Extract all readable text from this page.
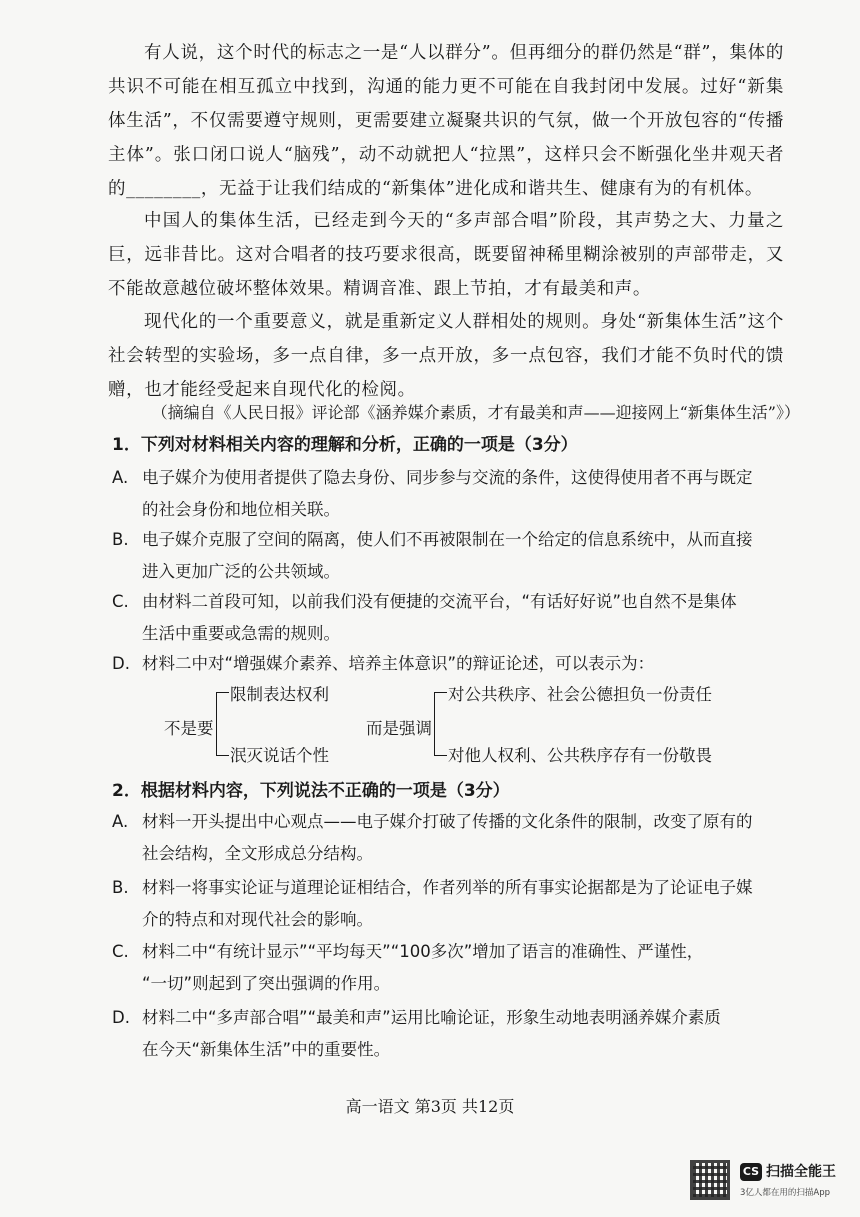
有人说，这个时代的标志之一是“人以群分”。但再细分的群仍然是“群”，集体的共识不可能在相互孤立中找到，沟通的能力更不可能在自我封闭中发展。过好“新集体生活”，不仅需要遵守规则，更需要建立凝聚共识的气氛，做一个开放包容的“传播主体”。张口闭口说人“脑残”，动不动就把人“拉黑”，这样只会不断强化坐井观天者的________，无益于让我们结成的“新集体”进化成和谐共生、健康有为的有机体。
中国人的集体生活，已经走到今天的“多声部合唱”阶段，其声势之大、力量之巨，远非昔比。这对合唱者的技巧要求很高，既要留神稀里糊涂被别的声部带走，又不能故意越位破坏整体效果。精调音准、跟上节拍，才有最美和声。
现代化的一个重要意义，就是重新定义人群相处的规则。身处“新集体生活”这个社会转型的实验场，多一点自律，多一点开放，多一点包容，我们才能不负时代的馈赠，也才能经受起来自现代化的检阅。
（摘编自《人民日报》评论部《涵养媒介素质，才有最美和声——迎接网上“新集体生活”》）
1．下列对材料相关内容的理解和分析，正确的一项是（3分）
A. 电子媒介为使用者提供了隐去身份、同步参与交流的条件，这使得使用者不再与既定
的社会身份和地位相关联。
B. 电子媒介克服了空间的隔离，使人们不再被限制在一个给定的信息系统中，从而直接
进入更加广泛的公共领域。
C. 由材料二首段可知，以前我们没有便捷的交流平台，“有话好好说”也自然不是集体
生活中重要或急需的规则。
D. 材料二中对“增强媒介素养、培养主体意识”的辩证论述，可以表示为：
不是要
限制表达权利
泯灭说话个性
而是强调
对公共秩序、社会公德担负一份责任
对他人权利、公共秩序存有一份敬畏
2．根据材料内容，下列说法不正确的一项是（3分）
A. 材料一开头提出中心观点——电子媒介打破了传播的文化条件的限制，改变了原有的
社会结构，全文形成总分结构。
B. 材料一将事实论证与道理论证相结合，作者列举的所有事实论据都是为了论证电子媒
介的特点和对现代社会的影响。
C. 材料二中“有统计显示”“平均每天”“100多次”增加了语言的准确性、严谨性，
“一切”则起到了突出强调的作用。
D. 材料二中“多声部合唱”“最美和声”运用比喻论证，形象生动地表明涵养媒介素质
在今天“新集体生活”中的重要性。
高一语文 第3页 共12页
CS 扫描全能王
3亿人都在用的扫描App
